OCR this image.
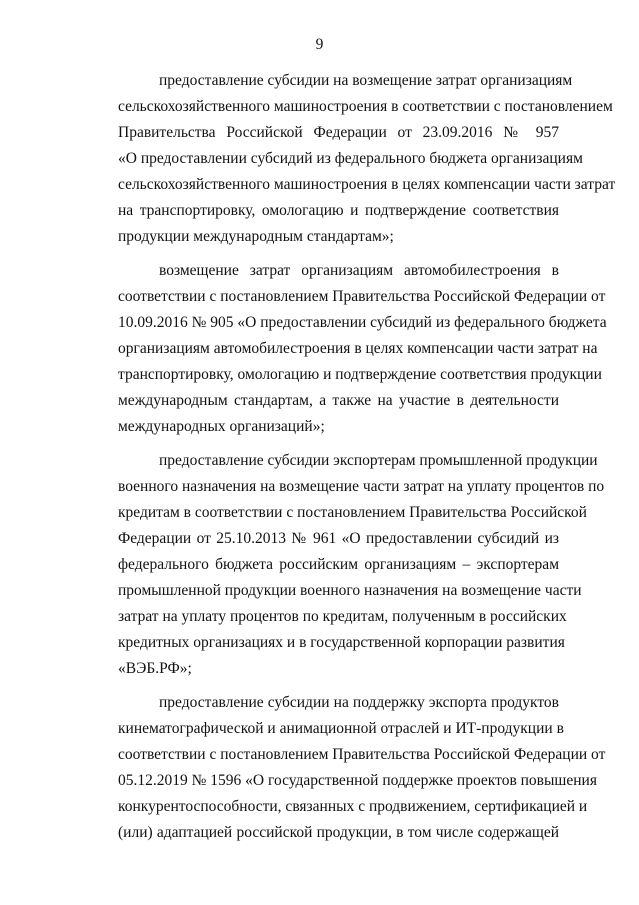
9
предоставление субсидии на возмещение затрат организациям
сельскохозяйственного машиностроения в соответствии с постановлением
Правительства Российской Федерации от 23.09.2016 № 957
«О предоставлении субсидий из федерального бюджета организациям
сельскохозяйственного машиностроения в целях компенсации части затрат
на транспортировку, омологацию и подтверждение соответствия
продукции международным стандартам»;
возмещение затрат организациям автомобилестроения в
соответствии с постановлением Правительства Российской Федерации от
10.09.2016 № 905 «О предоставлении субсидий из федерального бюджета
организациям автомобилестроения в целях компенсации части затрат на
транспортировку, омологацию и подтверждение соответствия продукции
международным стандартам, а также на участие в деятельности
международных организаций»;
предоставление субсидии экспортерам промышленной продукции
военного назначения на возмещение части затрат на уплату процентов по
кредитам в соответствии с постановлением Правительства Российской
Федерации от 25.10.2013 № 961 «О предоставлении субсидий из
федерального бюджета российским организациям – экспортерам
промышленной продукции военного назначения на возмещение части
затрат на уплату процентов по кредитам, полученным в российских
кредитных организациях и в государственной корпорации развития
«ВЭБ.РФ»;
предоставление субсидии на поддержку экспорта продуктов
кинематографической и анимационной отраслей и ИТ-продукции в
соответствии с постановлением Правительства Российской Федерации от
05.12.2019 № 1596 «О государственной поддержке проектов повышения
конкурентоспособности, связанных с продвижением, сертификацией и
(или) адаптацией российской продукции, в том числе содержащей
